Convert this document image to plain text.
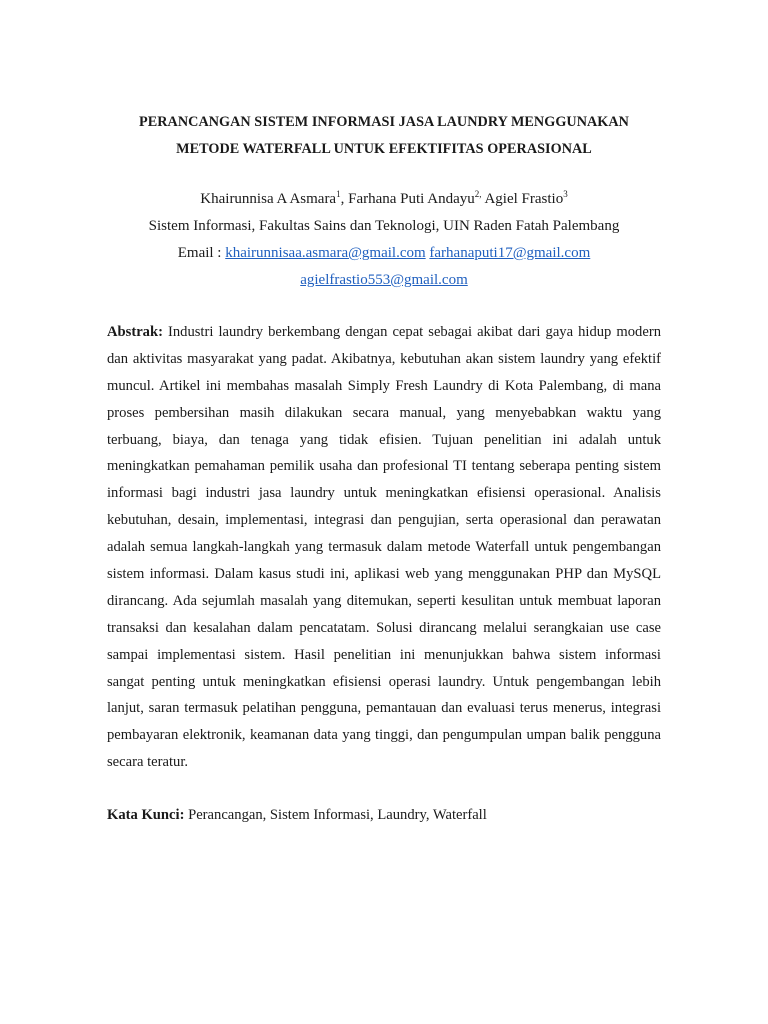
PERANCANGAN SISTEM INFORMASI JASA LAUNDRY MENGGUNAKAN
METODE WATERFALL UNTUK EFEKTIFITAS OPERASIONAL
Khairunnisa A Asmara$^1$, Farhana Puti Andayu$^{2,}$ Agiel Frastio$^3$
Sistem Informasi, Fakultas Sains dan Teknologi, UIN Raden Fatah Palembang
Email : khairunnisaa.asmara@gmail.com farhanaputi17@gmail.com
agielfrastio553@gmail.com
Abstrak: Industri laundry berkembang dengan cepat sebagai akibat dari gaya hidup modern
dan aktivitas masyarakat yang padat. Akibatnya, kebutuhan akan sistem laundry yang efektif
muncul. Artikel ini membahas masalah Simply Fresh Laundry di Kota Palembang, di mana
proses pembersihan masih dilakukan secara manual, yang menyebabkan waktu yang
terbuang, biaya, dan tenaga yang tidak efisien. Tujuan penelitian ini adalah untuk
meningkatkan pemahaman pemilik usaha dan profesional TI tentang seberapa penting sistem
informasi bagi industri jasa laundry untuk meningkatkan efisiensi operasional. Analisis
kebutuhan, desain, implementasi, integrasi dan pengujian, serta operasional dan perawatan
adalah semua langkah-langkah yang termasuk dalam metode Waterfall untuk pengembangan
sistem informasi. Dalam kasus studi ini, aplikasi web yang menggunakan PHP dan MySQL
dirancang. Ada sejumlah masalah yang ditemukan, seperti kesulitan untuk membuat laporan
transaksi dan kesalahan dalam pencatatam. Solusi dirancang melalui serangkaian use case
sampai implementasi sistem. Hasil penelitian ini menunjukkan bahwa sistem informasi
sangat penting untuk meningkatkan efisiensi operasi laundry. Untuk pengembangan lebih
lanjut, saran termasuk pelatihan pengguna, pemantauan dan evaluasi terus menerus, integrasi
pembayaran elektronik, keamanan data yang tinggi, dan pengumpulan umpan balik pengguna
secara teratur.
Kata Kunci: Perancangan, Sistem Informasi, Laundry, Waterfall
